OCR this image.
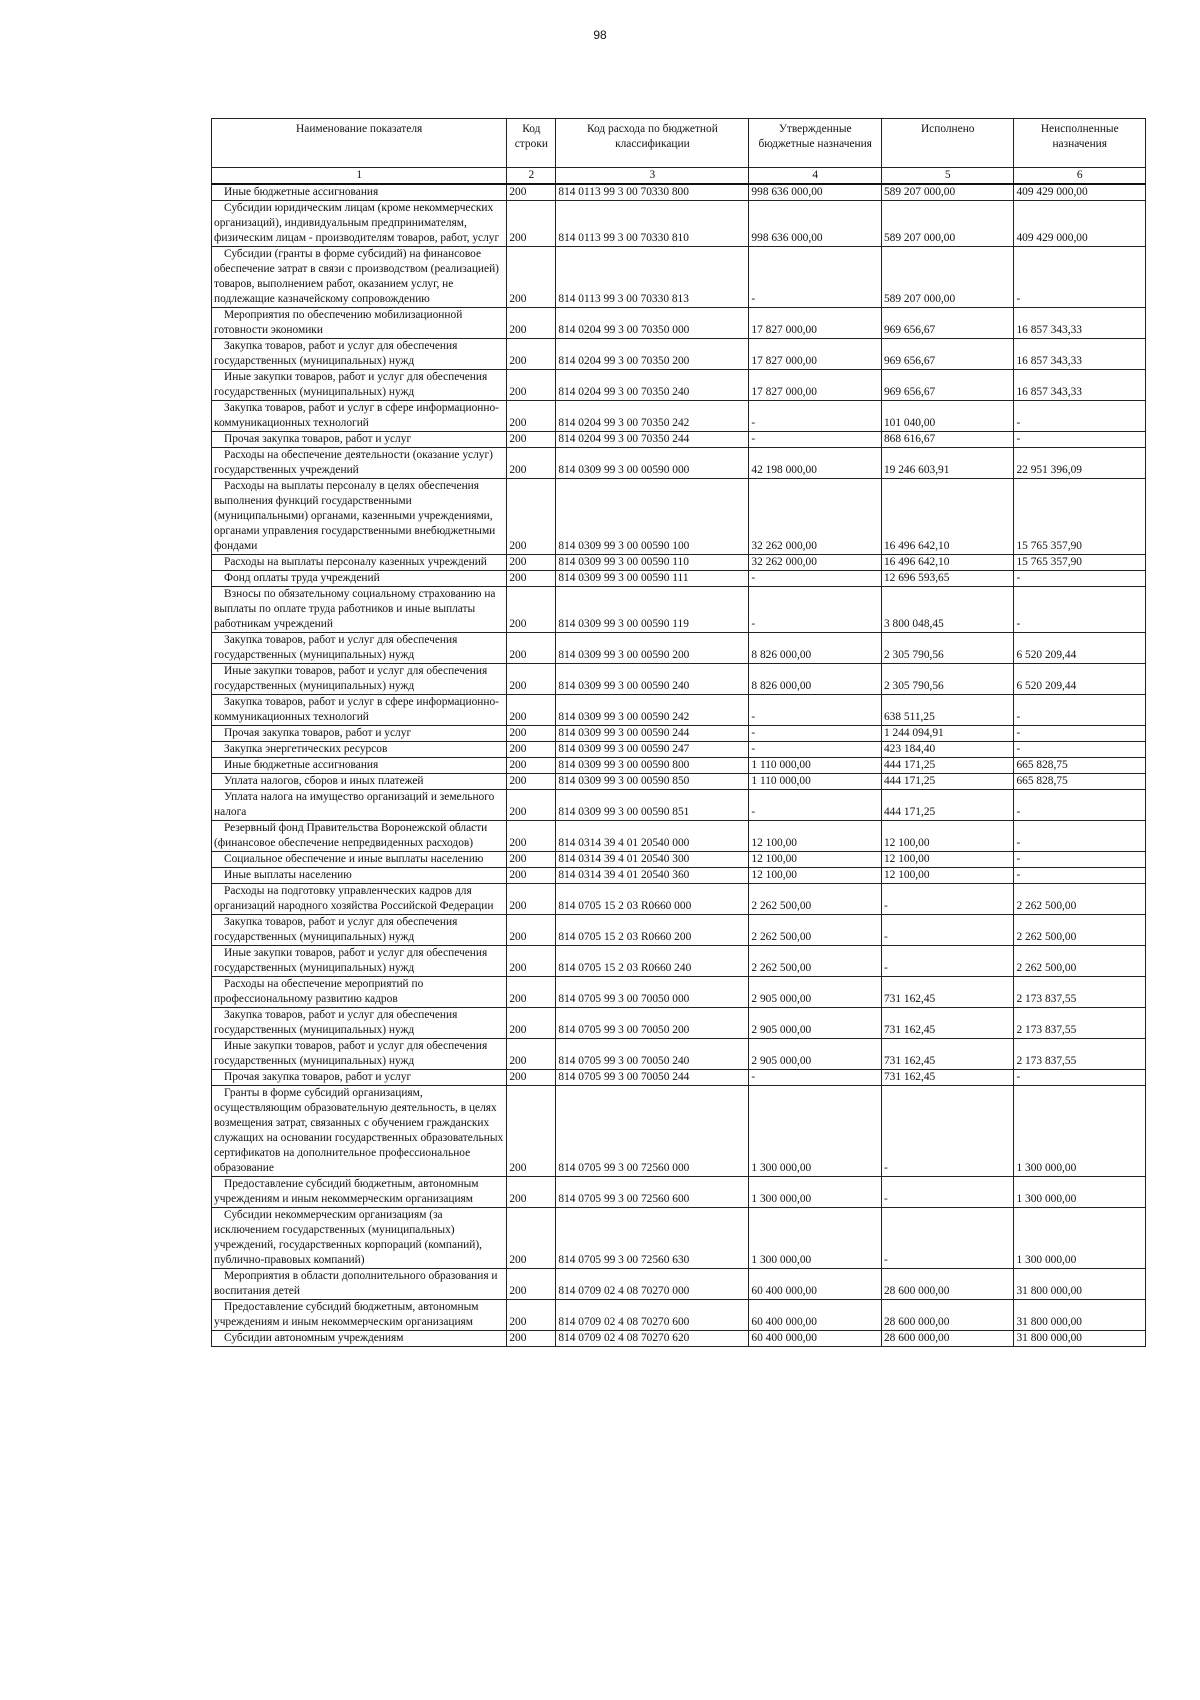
98
Наименование показателя	Код строки	Код расхода по бюджетной классификации	Утвержденные бюджетные назначения	Исполнено	Неисполненные назначения
1	2	3	4	5	6
Иные бюджетные ассигнования	200	814 0113 99 3 00 70330 800	998 636 000,00	589 207 000,00	409 429 000,00
Субсидии юридическим лицам (кроме некоммерческих организаций), индивидуальным предпринимателям, физическим лицам - производителям товаров, работ, услуг	200	814 0113 99 3 00 70330 810	998 636 000,00	589 207 000,00	409 429 000,00
Субсидии (гранты в форме субсидий) на финансовое обеспечение затрат в связи с производством (реализацией) товаров, выполнением работ, оказанием услуг, не подлежащие казначейскому сопровождению	200	814 0113 99 3 00 70330 813	-	589 207 000,00	-
Мероприятия по обеспечению мобилизационной готовности экономики	200	814 0204 99 3 00 70350 000	17 827 000,00	969 656,67	16 857 343,33
Закупка товаров, работ и услуг для обеспечения государственных (муниципальных) нужд	200	814 0204 99 3 00 70350 200	17 827 000,00	969 656,67	16 857 343,33
Иные закупки товаров, работ и услуг для обеспечения государственных (муниципальных) нужд	200	814 0204 99 3 00 70350 240	17 827 000,00	969 656,67	16 857 343,33
Закупка товаров, работ и услуг в сфере информационно-коммуникационных технологий	200	814 0204 99 3 00 70350 242	-	101 040,00	-
Прочая закупка товаров, работ и услуг	200	814 0204 99 3 00 70350 244	-	868 616,67	-
Расходы на обеспечение деятельности (оказание услуг) государственных учреждений	200	814 0309 99 3 00 00590 000	42 198 000,00	19 246 603,91	22 951 396,09
Расходы на выплаты персоналу в целях обеспечения выполнения функций государственными (муниципальными) органами, казенными учреждениями, органами управления государственными внебюджетными фондами	200	814 0309 99 3 00 00590 100	32 262 000,00	16 496 642,10	15 765 357,90
Расходы на выплаты персоналу казенных учреждений	200	814 0309 99 3 00 00590 110	32 262 000,00	16 496 642,10	15 765 357,90
Фонд оплаты труда учреждений	200	814 0309 99 3 00 00590 111	-	12 696 593,65	-
Взносы по обязательному социальному страхованию на выплаты по оплате труда работников и иные выплаты работникам учреждений	200	814 0309 99 3 00 00590 119	-	3 800 048,45	-
Закупка товаров, работ и услуг для обеспечения государственных (муниципальных) нужд	200	814 0309 99 3 00 00590 200	8 826 000,00	2 305 790,56	6 520 209,44
Иные закупки товаров, работ и услуг для обеспечения государственных (муниципальных) нужд	200	814 0309 99 3 00 00590 240	8 826 000,00	2 305 790,56	6 520 209,44
Закупка товаров, работ и услуг в сфере информационно-коммуникационных технологий	200	814 0309 99 3 00 00590 242	-	638 511,25	-
Прочая закупка товаров, работ и услуг	200	814 0309 99 3 00 00590 244	-	1 244 094,91	-
Закупка энергетических ресурсов	200	814 0309 99 3 00 00590 247	-	423 184,40	-
Иные бюджетные ассигнования	200	814 0309 99 3 00 00590 800	1 110 000,00	444 171,25	665 828,75
Уплата налогов, сборов и иных платежей	200	814 0309 99 3 00 00590 850	1 110 000,00	444 171,25	665 828,75
Уплата налога на имущество организаций и земельного налога	200	814 0309 99 3 00 00590 851	-	444 171,25	-
Резервный фонд Правительства Воронежской области (финансовое обеспечение непредвиденных расходов)	200	814 0314 39 4 01 20540 000	12 100,00	12 100,00	-
Социальное обеспечение и иные выплаты населению	200	814 0314 39 4 01 20540 300	12 100,00	12 100,00	-
Иные выплаты населению	200	814 0314 39 4 01 20540 360	12 100,00	12 100,00	-
Расходы на подготовку управленческих кадров для организаций народного хозяйства Российской Федерации	200	814 0705 15 2 03 R0660 000	2 262 500,00	-	2 262 500,00
Закупка товаров, работ и услуг для обеспечения государственных (муниципальных) нужд	200	814 0705 15 2 03 R0660 200	2 262 500,00	-	2 262 500,00
Иные закупки товаров, работ и услуг для обеспечения государственных (муниципальных) нужд	200	814 0705 15 2 03 R0660 240	2 262 500,00	-	2 262 500,00
Расходы на обеспечение мероприятий по профессиональному развитию кадров	200	814 0705 99 3 00 70050 000	2 905 000,00	731 162,45	2 173 837,55
Закупка товаров, работ и услуг для обеспечения государственных (муниципальных) нужд	200	814 0705 99 3 00 70050 200	2 905 000,00	731 162,45	2 173 837,55
Иные закупки товаров, работ и услуг для обеспечения государственных (муниципальных) нужд	200	814 0705 99 3 00 70050 240	2 905 000,00	731 162,45	2 173 837,55
Прочая закупка товаров, работ и услуг	200	814 0705 99 3 00 70050 244	-	731 162,45	-
Гранты в форме субсидий организациям, осуществляющим образовательную деятельность, в целях возмещения затрат, связанных с обучением гражданских служащих на основании государственных образовательных сертификатов на дополнительное профессиональное образование	200	814 0705 99 3 00 72560 000	1 300 000,00	-	1 300 000,00
Предоставление субсидий бюджетным, автономным учреждениям и иным некоммерческим организациям	200	814 0705 99 3 00 72560 600	1 300 000,00	-	1 300 000,00
Субсидии некоммерческим организациям (за исключением государственных (муниципальных) учреждений, государственных корпораций (компаний), публично-правовых компаний)	200	814 0705 99 3 00 72560 630	1 300 000,00	-	1 300 000,00
Мероприятия в области дополнительного образования и воспитания детей	200	814 0709 02 4 08 70270 000	60 400 000,00	28 600 000,00	31 800 000,00
Предоставление субсидий бюджетным, автономным учреждениям и иным некоммерческим организациям	200	814 0709 02 4 08 70270 600	60 400 000,00	28 600 000,00	31 800 000,00
Субсидии автономным учреждениям	200	814 0709 02 4 08 70270 620	60 400 000,00	28 600 000,00	31 800 000,00
